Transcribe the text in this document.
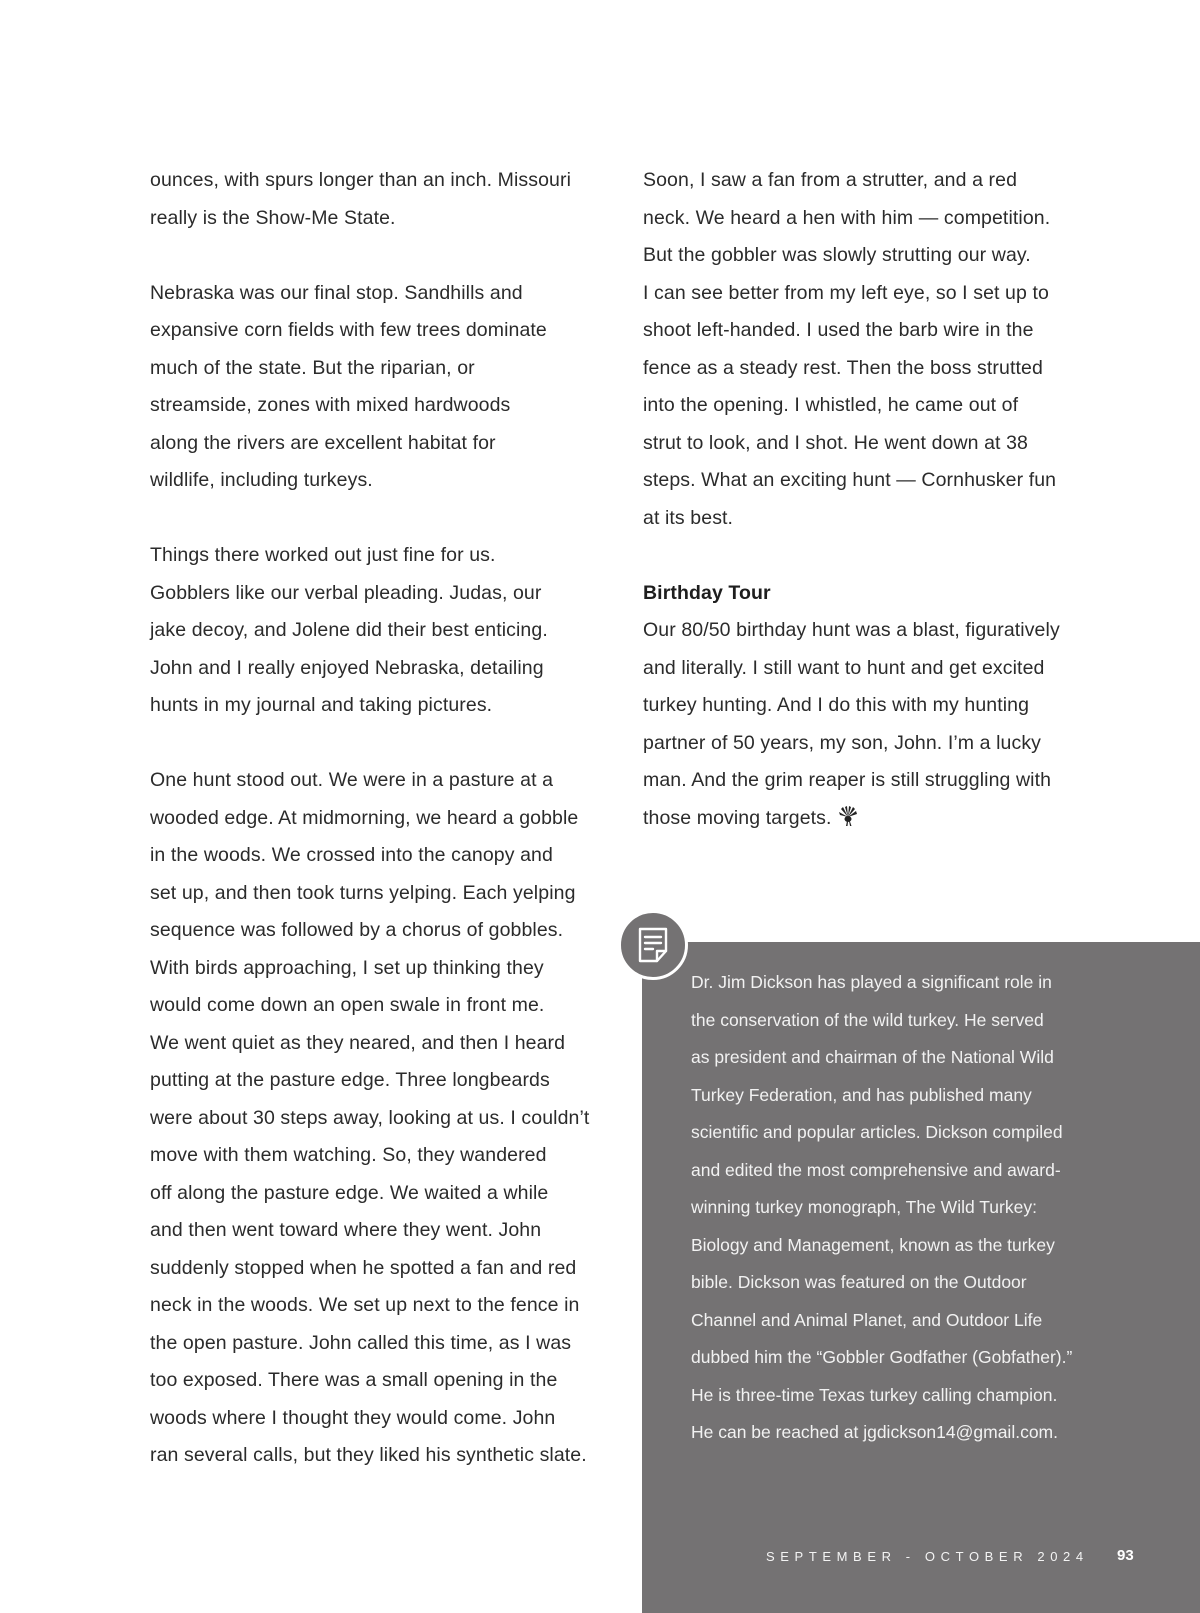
ounces, with spurs longer than an inch. Missouri
really is the Show-Me State.

Nebraska was our final stop. Sandhills and
expansive corn fields with few trees dominate
much of the state. But the riparian, or
streamside, zones with mixed hardwoods
along the rivers are excellent habitat for
wildlife, including turkeys.

Things there worked out just fine for us.
Gobblers like our verbal pleading. Judas, our
jake decoy, and Jolene did their best enticing.
John and I really enjoyed Nebraska, detailing
hunts in my journal and taking pictures.

One hunt stood out. We were in a pasture at a
wooded edge. At midmorning, we heard a gobble
in the woods. We crossed into the canopy and
set up, and then took turns yelping. Each yelping
sequence was followed by a chorus of gobbles.
With birds approaching, I set up thinking they
would come down an open swale in front me.
We went quiet as they neared, and then I heard
putting at the pasture edge. Three longbeards
were about 30 steps away, looking at us. I couldn’t
move with them watching. So, they wandered
off along the pasture edge. We waited a while
and then went toward where they went. John
suddenly stopped when he spotted a fan and red
neck in the woods. We set up next to the fence in
the open pasture. John called this time, as I was
too exposed. There was a small opening in the
woods where I thought they would come. John
ran several calls, but they liked his synthetic slate.

Soon, I saw a fan from a strutter, and a red
neck. We heard a hen with him — competition.
But the gobbler was slowly strutting our way.
I can see better from my left eye, so I set up to
shoot left-handed. I used the barb wire in the
fence as a steady rest. Then the boss strutted
into the opening. I whistled, he came out of
strut to look, and I shot. He went down at 38
steps. What an exciting hunt — Cornhusker fun
at its best.

Birthday Tour
Our 80/50 birthday hunt was a blast, figuratively
and literally. I still want to hunt and get excited
turkey hunting. And I do this with my hunting
partner of 50 years, my son, John. I’m a lucky
man. And the grim reaper is still struggling with
those moving targets.

Dr. Jim Dickson has played a significant role in
the conservation of the wild turkey. He served
as president and chairman of the National Wild
Turkey Federation, and has published many
scientific and popular articles. Dickson compiled
and edited the most comprehensive and award-
winning turkey monograph, The Wild Turkey:
Biology and Management, known as the turkey
bible. Dickson was featured on the Outdoor
Channel and Animal Planet, and Outdoor Life
dubbed him the “Gobbler Godfather (Gobfather).”
He is three-time Texas turkey calling champion.
He can be reached at jgdickson14@gmail.com.
SEPTEMBER - OCTOBER 2024 93
